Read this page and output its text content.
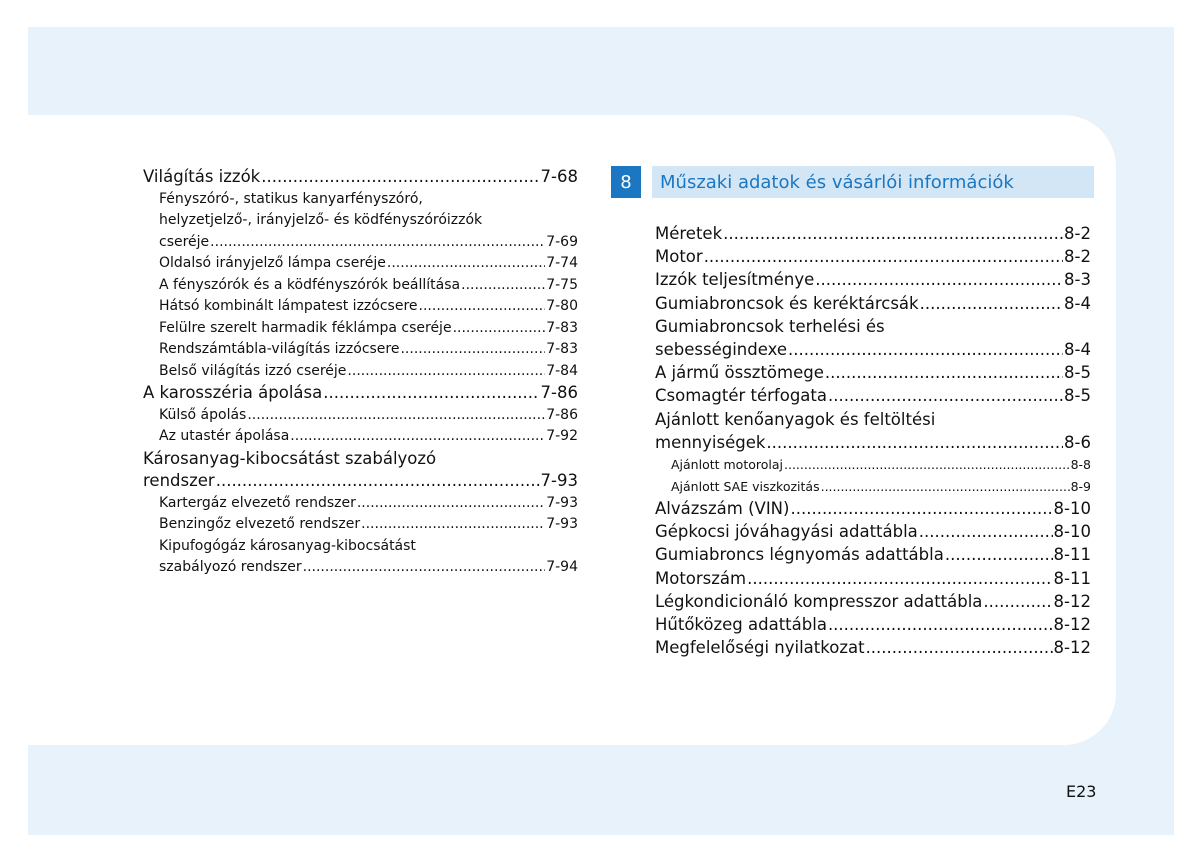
Világítás izzók .....	7-68
Fényszóró-, statikus kanyarfényszóró,
helyzetjelző-, irányjelző- és ködfényszóróizzók
cseréje .....	7-69
Oldalsó irányjelző lámpa cseréje .....	7-74
A fényszórók és a ködfényszórók beállítása .....	7-75
Hátsó kombinált lámpatest izzócsere .....	7-80
Felülre szerelt harmadik féklámpa cseréje .....	7-83
Rendszámtábla-világítás izzócsere .....	7-83
Belső világítás izzó cseréje .....	7-84
A karosszéria ápolása .....	7-86
Külső ápolás .....	7-86
Az utastér ápolása .....	7-92
Károsanyag-kibocsátást szabályozó
rendszer .....	7-93
Kartergáz elvezető rendszer .....	7-93
Benzingőz elvezető rendszer .....	7-93
Kipufogógáz károsanyag-kibocsátást
szabályozó rendszer .....	7-94
8	Műszaki adatok és vásárlói információk
Méretek .....	8-2
Motor .....	8-2
Izzók teljesítménye .....	8-3
Gumiabroncsok és keréktárcsák .....	8-4
Gumiabroncsok terhelési és
sebességindexe .....	8-4
A jármű össztömege .....	8-5
Csomagtér térfogata .....	8-5
Ajánlott kenőanyagok és feltöltési
mennyiségek .....	8-6
Ajánlott motorolaj .....	8-8
Ajánlott SAE viszkozitás .....	8-9
Alvázszám (VIN) .....	8-10
Gépkocsi jóváhagyási adattábla .....	8-10
Gumiabroncs légnyomás adattábla .....	8-11
Motorszám .....	8-11
Légkondicionáló kompresszor adattábla .....	8-12
Hűtőközeg adattábla .....	8-12
Megfelelőségi nyilatkozat .....	8-12
E23
